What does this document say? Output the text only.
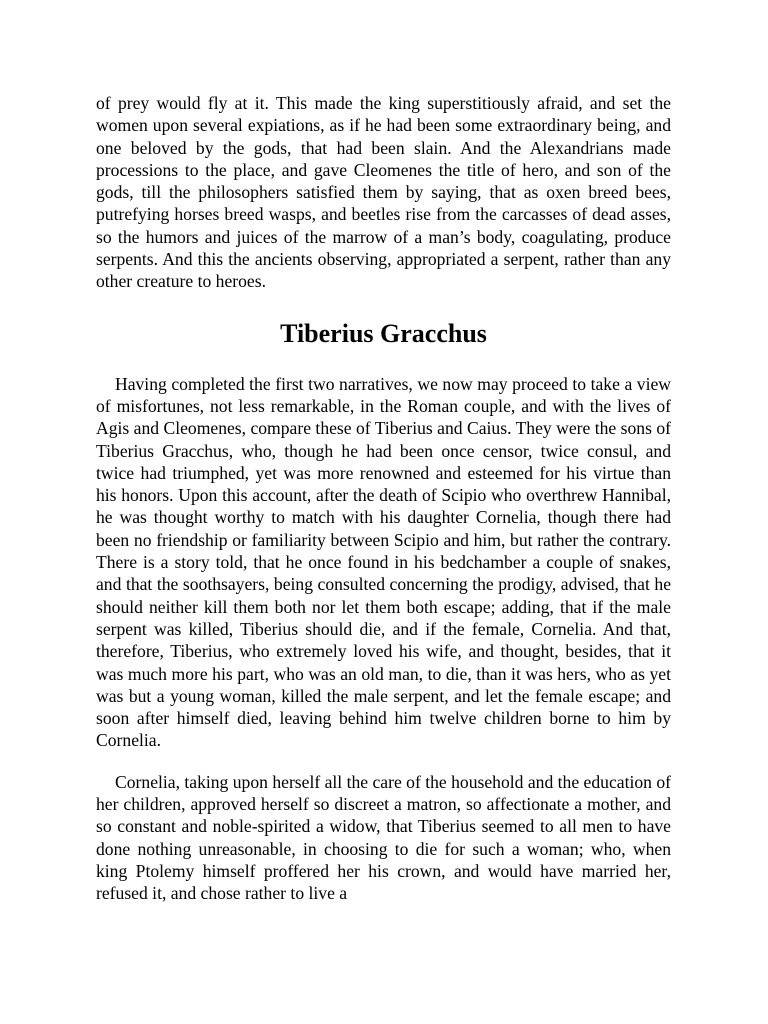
of prey would fly at it. This made the king superstitiously afraid, and set the women upon several expiations, as if he had been some extraordinary being, and one beloved by the gods, that had been slain. And the Alexandrians made processions to the place, and gave Cleomenes the title of hero, and son of the gods, till the philosophers satisfied them by saying, that as oxen breed bees, putrefying horses breed wasps, and beetles rise from the carcasses of dead asses, so the humors and juices of the marrow of a man’s body, coagulating, produce serpents. And this the ancients observing, appropriated a serpent, rather than any other creature to heroes.

Tiberius Gracchus

Having completed the first two narratives, we now may proceed to take a view of misfortunes, not less remarkable, in the Roman couple, and with the lives of Agis and Cleomenes, compare these of Tiberius and Caius. They were the sons of Tiberius Gracchus, who, though he had been once censor, twice consul, and twice had triumphed, yet was more renowned and esteemed for his virtue than his honors. Upon this account, after the death of Scipio who overthrew Hannibal, he was thought worthy to match with his daughter Cornelia, though there had been no friendship or familiarity between Scipio and him, but rather the contrary. There is a story told, that he once found in his bedchamber a couple of snakes, and that the soothsayers, being consulted concerning the prodigy, advised, that he should neither kill them both nor let them both escape; adding, that if the male serpent was killed, Tiberius should die, and if the female, Cornelia. And that, therefore, Tiberius, who extremely loved his wife, and thought, besides, that it was much more his part, who was an old man, to die, than it was hers, who as yet was but a young woman, killed the male serpent, and let the female escape; and soon after himself died, leaving behind him twelve children borne to him by Cornelia.

Cornelia, taking upon herself all the care of the household and the education of her children, approved herself so discreet a matron, so affectionate a mother, and so constant and noble-spirited a widow, that Tiberius seemed to all men to have done nothing unreasonable, in choosing to die for such a woman; who, when king Ptolemy himself proffered her his crown, and would have married her, refused it, and chose rather to live a
